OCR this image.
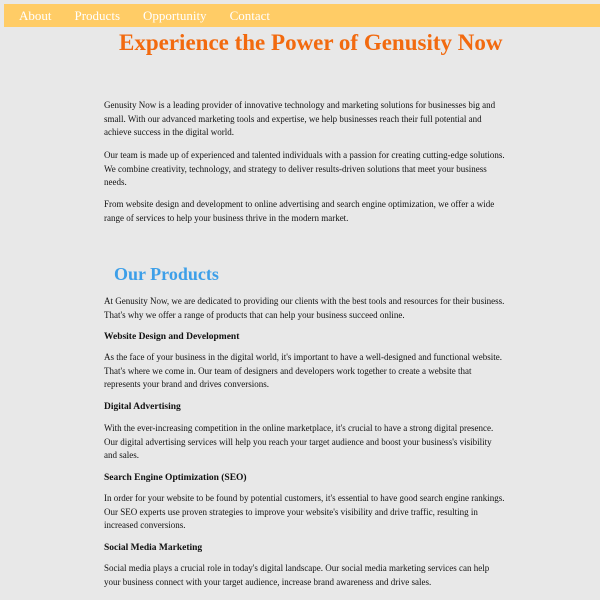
About Products Opportunity Contact
Experience the Power of Genusity Now

Genusity Now is a leading provider of innovative technology and marketing solutions for businesses big and small. With our advanced marketing tools and expertise, we help businesses reach their full potential and achieve success in the digital world.

Our team is made up of experienced and talented individuals with a passion for creating cutting-edge solutions. We combine creativity, technology, and strategy to deliver results-driven solutions that meet your business needs.

From website design and development to online advertising and search engine optimization, we offer a wide range of services to help your business thrive in the modern market.

Our Products

At Genusity Now, we are dedicated to providing our clients with the best tools and resources for their business. That's why we offer a range of products that can help your business succeed online.

Website Design and Development

As the face of your business in the digital world, it's important to have a well-designed and functional website. That's where we come in. Our team of designers and developers work together to create a website that represents your brand and drives conversions.

Digital Advertising

With the ever-increasing competition in the online marketplace, it's crucial to have a strong digital presence. Our digital advertising services will help you reach your target audience and boost your business's visibility and sales.

Search Engine Optimization (SEO)

In order for your website to be found by potential customers, it's essential to have good search engine rankings. Our SEO experts use proven strategies to improve your website's visibility and drive traffic, resulting in increased conversions.

Social Media Marketing

Social media plays a crucial role in today's digital landscape. Our social media marketing services can help your business connect with your target audience, increase brand awareness and drive sales.
